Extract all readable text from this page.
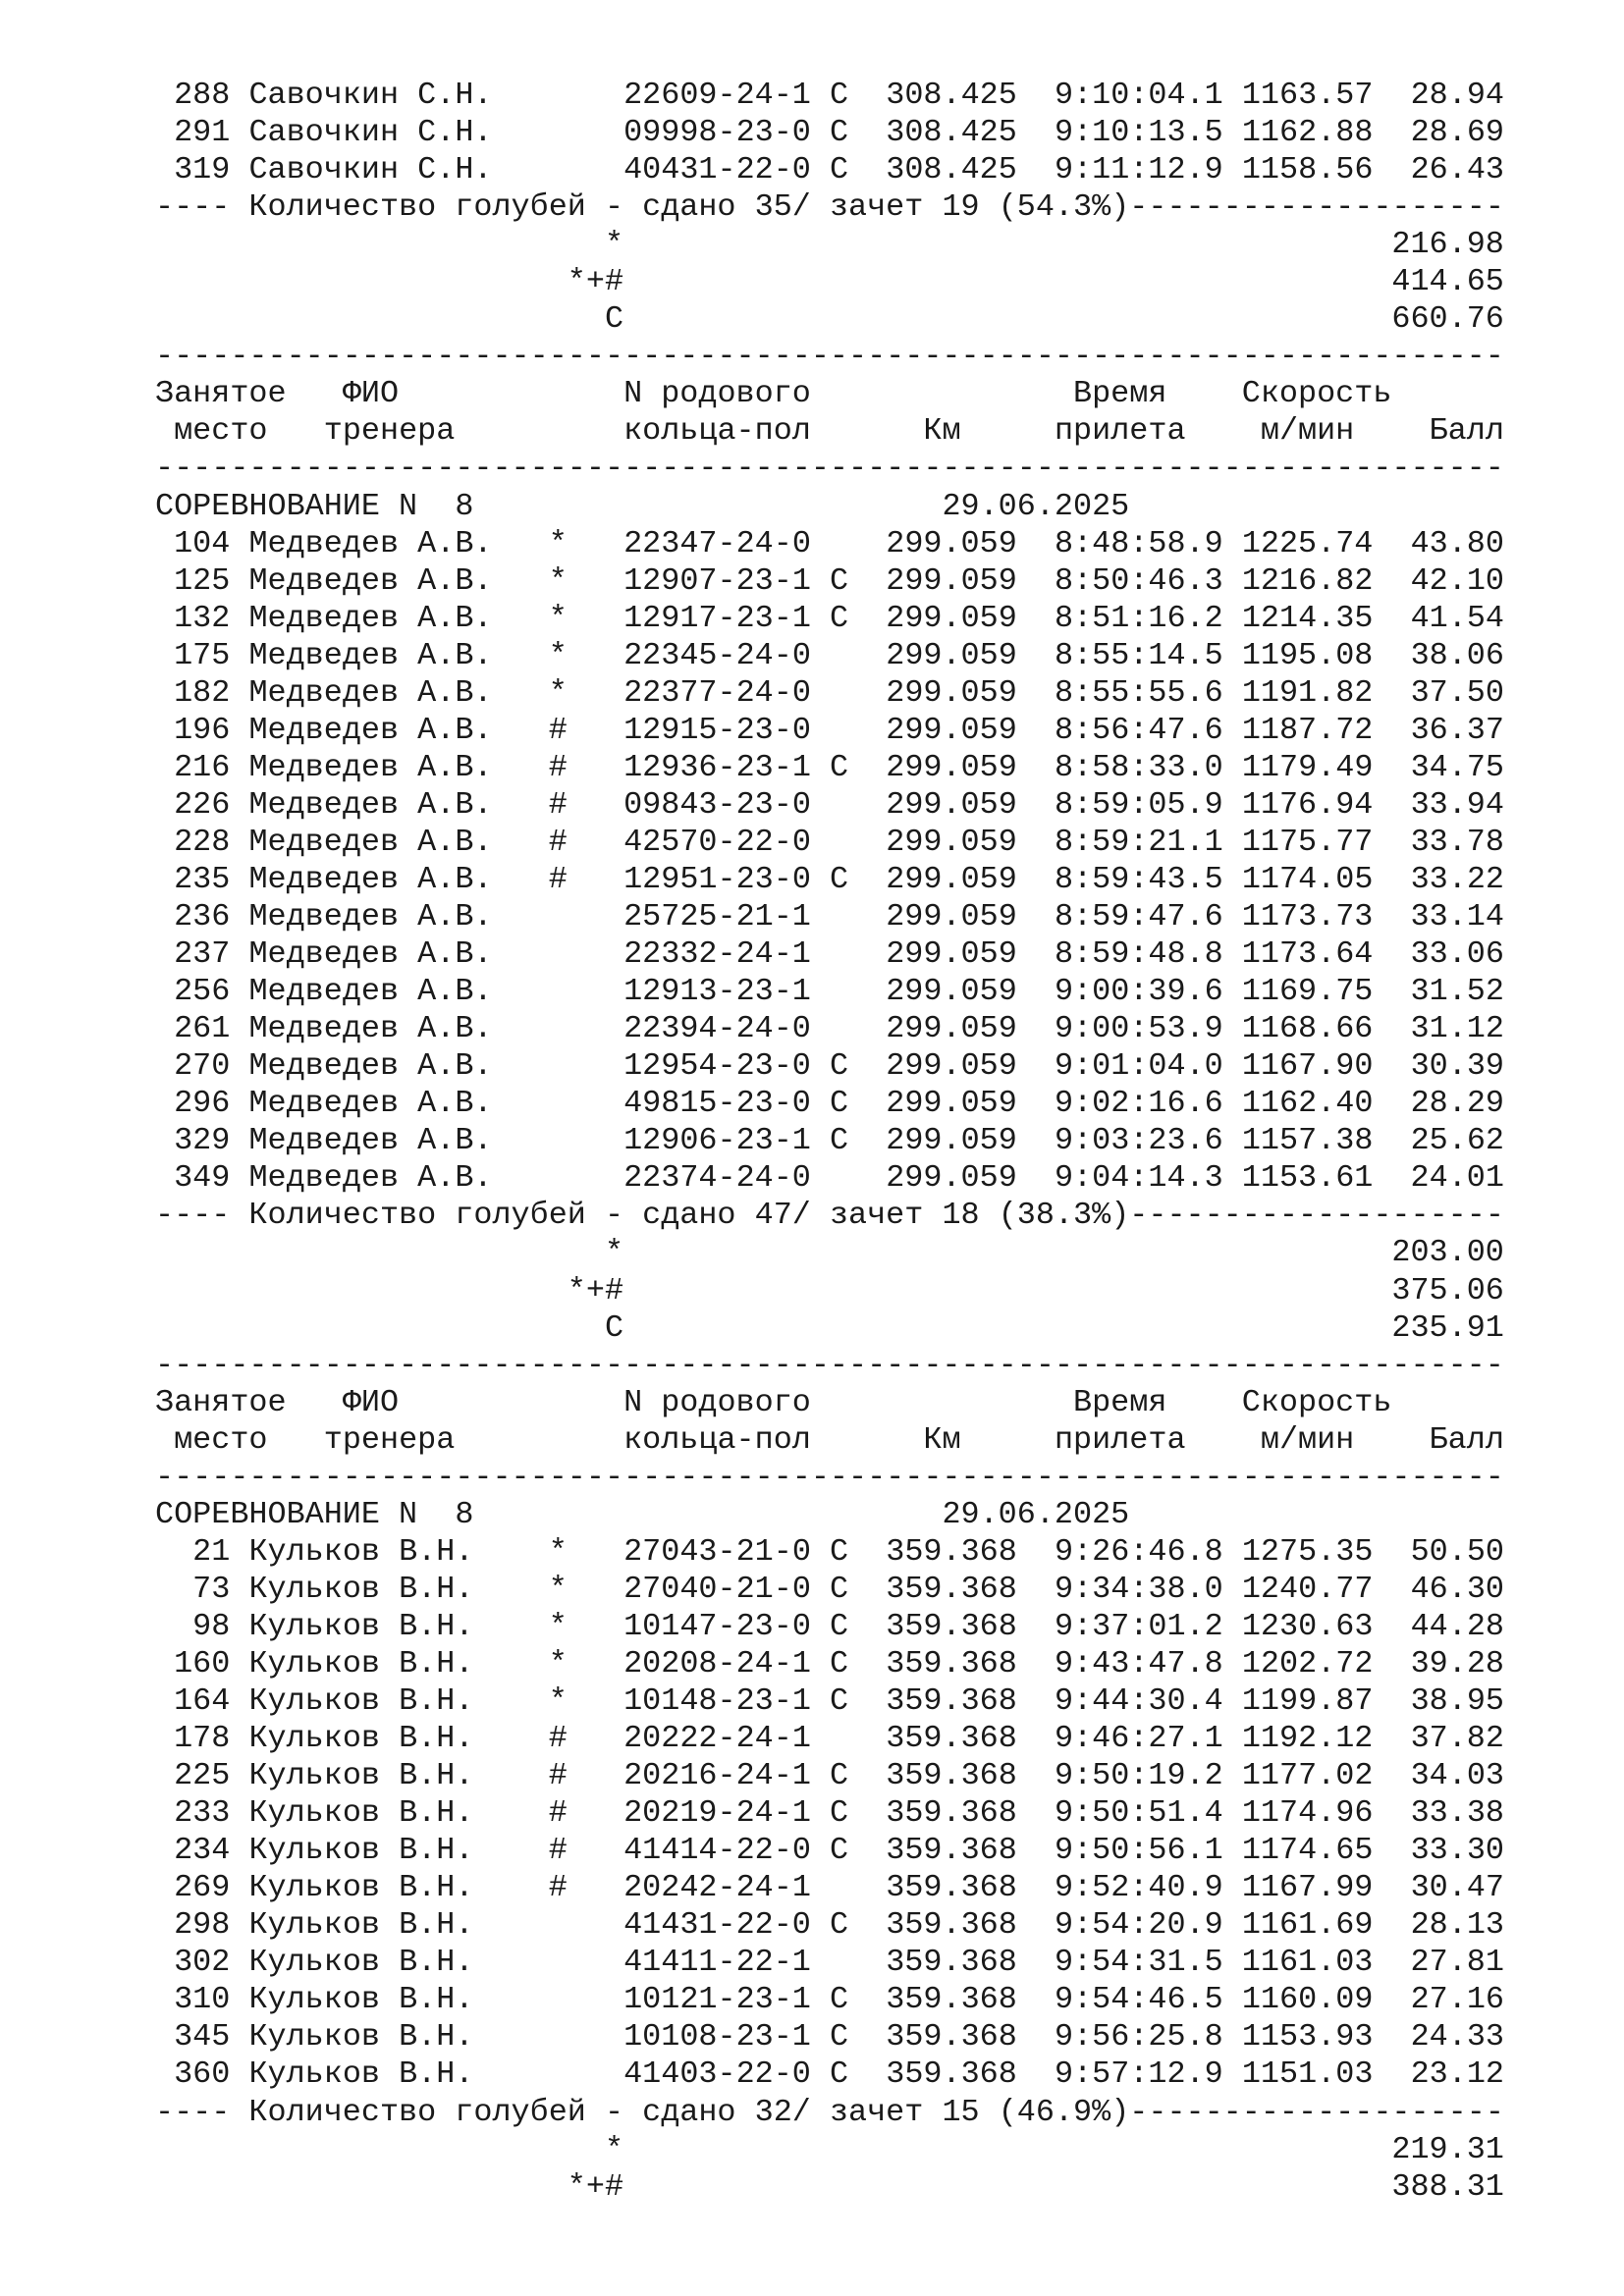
288 Савочкин С.Н.	22609-24-1 С 308.425 9:10:04.1 1163.57 28.94
291 Савочкин С.Н.	09998-23-0 С 308.425 9:10:13.5 1162.88 28.69
319 Савочкин С.Н.	40431-22-0 С 308.425 9:11:12.9 1158.56 26.43
---- Количество голубей - сдано 35/ зачет 19 (54.3%)--------------------
*	216.98
*+#	414.65
С	660.76
------------------------------------------------------------------------
Занятое ФИО	N родового	Время Скорость
место тренера	кольца-пол	Км	прилета м/мин Балл
------------------------------------------------------------------------
СОРЕВНОВАНИЕ N 8	29.06.2025
104 Медведев А.В. * 22347-24-0 299.059 8:48:58.9 1225.74 43.80
125 Медведев А.В. * 12907-23-1 С 299.059 8:50:46.3 1216.82 42.10
132 Медведев А.В. * 12917-23-1 С 299.059 8:51:16.2 1214.35 41.54
175 Медведев А.В. * 22345-24-0 299.059 8:55:14.5 1195.08 38.06
182 Медведев А.В. * 22377-24-0 299.059 8:55:55.6 1191.82 37.50
196 Медведев А.В. # 12915-23-0 299.059 8:56:47.6 1187.72 36.37
216 Медведев А.В. # 12936-23-1 С 299.059 8:58:33.0 1179.49 34.75
226 Медведев А.В. # 09843-23-0 299.059 8:59:05.9 1176.94 33.94
228 Медведев А.В. # 42570-22-0 299.059 8:59:21.1 1175.77 33.78
235 Медведев А.В. # 12951-23-0 С 299.059 8:59:43.5 1174.05 33.22
236 Медведев А.В.	25725-21-1 299.059 8:59:47.6 1173.73 33.14
237 Медведев А.В.	22332-24-1 299.059 8:59:48.8 1173.64 33.06
256 Медведев А.В.	12913-23-1 299.059 9:00:39.6 1169.75 31.52
261 Медведев А.В.	22394-24-0 299.059 9:00:53.9 1168.66 31.12
270 Медведев А.В.	12954-23-0 С 299.059 9:01:04.0 1167.90 30.39
296 Медведев А.В.	49815-23-0 С 299.059 9:02:16.6 1162.40 28.29
329 Медведев А.В.	12906-23-1 С 299.059 9:03:23.6 1157.38 25.62
349 Медведев А.В.	22374-24-0 299.059 9:04:14.3 1153.61 24.01
---- Количество голубей - сдано 47/ зачет 18 (38.3%)--------------------
*	203.00
*+#	375.06
С	235.91
------------------------------------------------------------------------
Занятое ФИО	N родового	Время Скорость
место тренера	кольца-пол	Км	прилета м/мин Балл
------------------------------------------------------------------------
СОРЕВНОВАНИЕ N 8	29.06.2025
21 Кульков В.Н. * 27043-21-0 С 359.368 9:26:46.8 1275.35 50.50
73 Кульков В.Н. * 27040-21-0 С 359.368 9:34:38.0 1240.77 46.30
98 Кульков В.Н. * 10147-23-0 С 359.368 9:37:01.2 1230.63 44.28
160 Кульков В.Н. * 20208-24-1 С 359.368 9:43:47.8 1202.72 39.28
164 Кульков В.Н. * 10148-23-1 С 359.368 9:44:30.4 1199.87 38.95
178 Кульков В.Н. # 20222-24-1 359.368 9:46:27.1 1192.12 37.82
225 Кульков В.Н. # 20216-24-1 С 359.368 9:50:19.2 1177.02 34.03
233 Кульков В.Н. # 20219-24-1 С 359.368 9:50:51.4 1174.96 33.38
234 Кульков В.Н. # 41414-22-0 С 359.368 9:50:56.1 1174.65 33.30
269 Кульков В.Н. # 20242-24-1 359.368 9:52:40.9 1167.99 30.47
298 Кульков В.Н.	41431-22-0 С 359.368 9:54:20.9 1161.69 28.13
302 Кульков В.Н.	41411-22-1 359.368 9:54:31.5 1161.03 27.81
310 Кульков В.Н.	10121-23-1 С 359.368 9:54:46.5 1160.09 27.16
345 Кульков В.Н.	10108-23-1 С 359.368 9:56:25.8 1153.93 24.33
360 Кульков В.Н.	41403-22-0 С 359.368 9:57:12.9 1151.03 23.12
---- Количество голубей - сдано 32/ зачет 15 (46.9%)--------------------
*	219.31
*+#	388.31
